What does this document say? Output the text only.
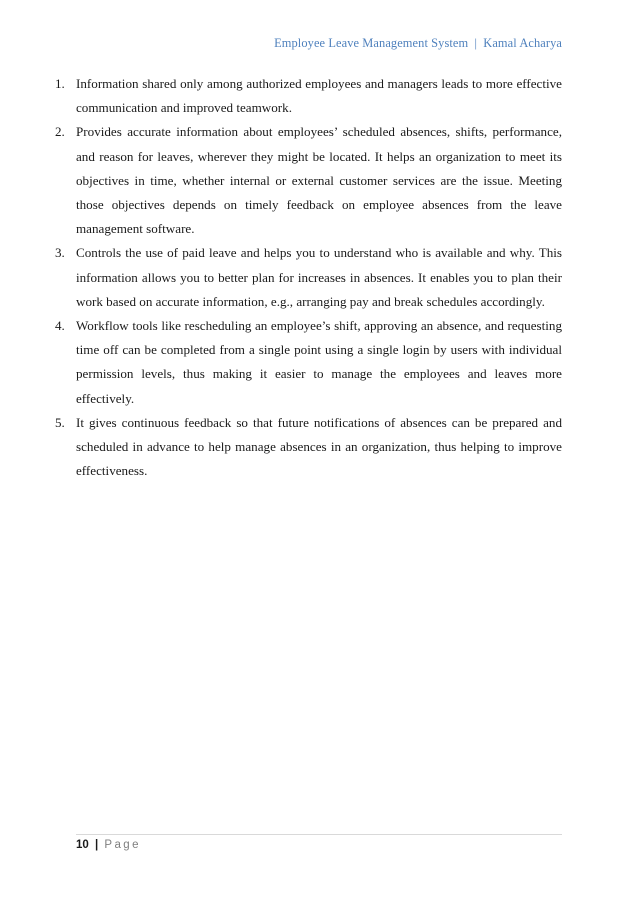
Employee Leave Management System | Kamal Acharya
1. Information shared only among authorized employees and managers leads to more effective communication and improved teamwork.
2. Provides accurate information about employees’ scheduled absences, shifts, performance, and reason for leaves, wherever they might be located. It helps an organization to meet its objectives in time, whether internal or external customer services are the issue. Meeting those objectives depends on timely feedback on employee absences from the leave management software.
3. Controls the use of paid leave and helps you to understand who is available and why. This information allows you to better plan for increases in absences. It enables you to plan their work based on accurate information, e.g., arranging pay and break schedules accordingly.
4. Workflow tools like rescheduling an employee’s shift, approving an absence, and requesting time off can be completed from a single point using a single login by users with individual permission levels, thus making it easier to manage the employees and leaves more effectively.
5. It gives continuous feedback so that future notifications of absences can be prepared and scheduled in advance to help manage absences in an organization, thus helping to improve effectiveness.
10 | Page
